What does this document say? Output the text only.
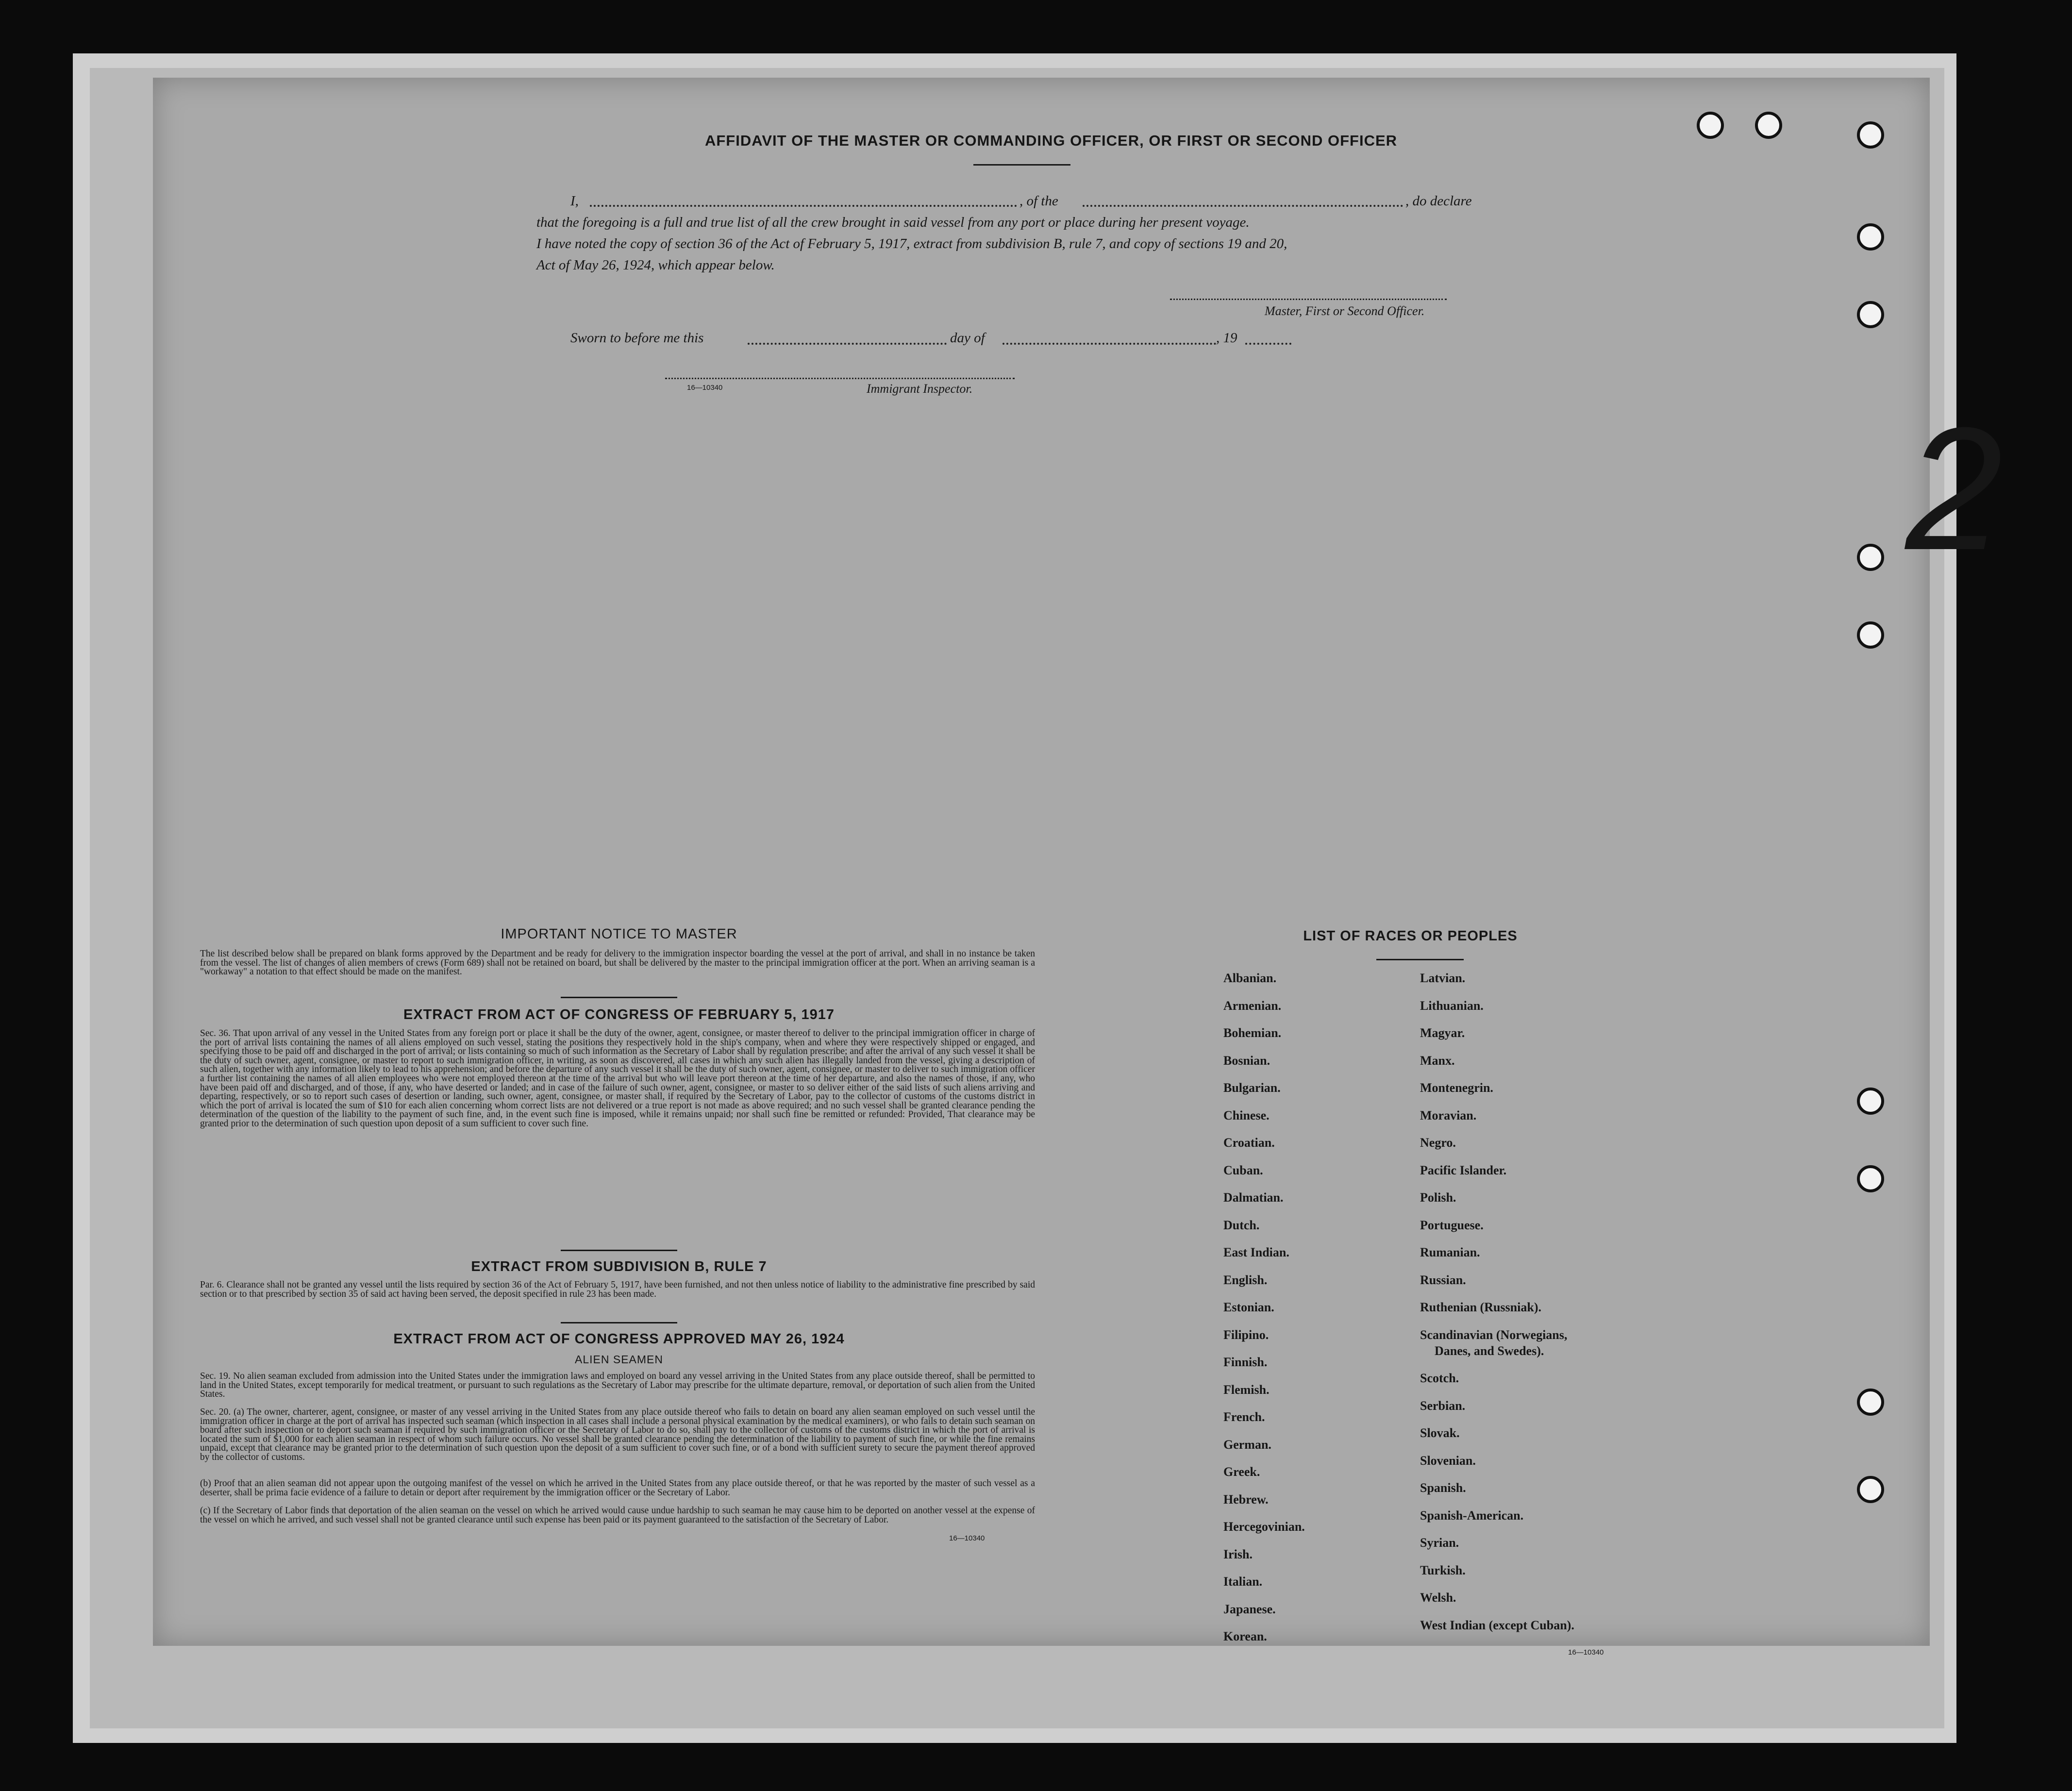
2
AFFIDAVIT OF THE MASTER OR COMMANDING OFFICER, OR FIRST OR SECOND OFFICER
I,	, of the	, do declare
that the foregoing is a full and true list of all the crew brought in said vessel from any port or place during her present voyage.
I have noted the copy of section 36 of the Act of February 5, 1917, extract from subdivision B, rule 7, and copy of sections 19 and 20,
Act of May 26, 1924, which appear below.
Master, First or Second Officer.
Sworn to before me this	day of	, 19
16—10340	Immigrant Inspector.
IMPORTANT NOTICE TO MASTER
The list described below shall be prepared on blank forms approved by the Department and be ready for delivery to the immigration inspector boarding the vessel at the port of arrival, and shall in no instance be taken from the vessel. The list of changes of alien members of crews (Form 689) shall not be retained on board, but shall be delivered by the master to the principal immigration officer at the port. When an arriving seaman is a "workaway" a notation to that effect should be made on the manifest.
EXTRACT FROM ACT OF CONGRESS OF FEBRUARY 5, 1917
Sec. 36. That upon arrival of any vessel in the United States from any foreign port or place it shall be the duty of the owner, agent, consignee, or master thereof to deliver to the principal immigration officer in charge of the port of arrival lists containing the names of all aliens employed on such vessel, stating the positions they respectively hold in the ship's company, when and where they were respectively shipped or engaged, and specifying those to be paid off and discharged in the port of arrival; or lists containing so much of such information as the Secretary of Labor shall by regulation prescribe; and after the arrival of any such vessel it shall be the duty of such owner, agent, consignee, or master to report to such immigration officer, in writing, as soon as discovered, all cases in which any such alien has illegally landed from the vessel, giving a description of such alien, together with any information likely to lead to his apprehension; and before the departure of any such vessel it shall be the duty of such owner, agent, consignee, or master to deliver to such immigration officer a further list containing the names of all alien employees who were not employed thereon at the time of the arrival but who will leave port thereon at the time of her departure, and also the names of those, if any, who have been paid off and discharged, and of those, if any, who have deserted or landed; and in case of the failure of such owner, agent, consignee, or master to so deliver either of the said lists of such aliens arriving and departing, respectively, or so to report such cases of desertion or landing, such owner, agent, consignee, or master shall, if required by the Secretary of Labor, pay to the collector of customs of the customs district in which the port of arrival is located the sum of $10 for each alien concerning whom correct lists are not delivered or a true report is not made as above required; and no such vessel shall be granted clearance pending the determination of the question of the liability to the payment of such fine, and, in the event such fine is imposed, while it remains unpaid; nor shall such fine be remitted or refunded: Provided, That clearance may be granted prior to the determination of such question upon deposit of a sum sufficient to cover such fine.
EXTRACT FROM SUBDIVISION B, RULE 7
Par. 6. Clearance shall not be granted any vessel until the lists required by section 36 of the Act of February 5, 1917, have been furnished, and not then unless notice of liability to the administrative fine prescribed by said section or to that prescribed by section 35 of said act having been served, the deposit specified in rule 23 has been made.
EXTRACT FROM ACT OF CONGRESS APPROVED MAY 26, 1924
ALIEN SEAMEN
Sec. 19. No alien seaman excluded from admission into the United States under the immigration laws and employed on board any vessel arriving in the United States from any place outside thereof, shall be permitted to land in the United States, except temporarily for medical treatment, or pursuant to such regulations as the Secretary of Labor may prescribe for the ultimate departure, removal, or deportation of such alien from the United States.
Sec. 20. (a) The owner, charterer, agent, consignee, or master of any vessel arriving in the United States from any place outside thereof who fails to detain on board any alien seaman employed on such vessel until the immigration officer in charge at the port of arrival has inspected such seaman (which inspection in all cases shall include a personal physical examination by the medical examiners), or who fails to detain such seaman on board after such inspection or to deport such seaman if required by such immigration officer or the Secretary of Labor to do so, shall pay to the collector of customs of the customs district in which the port of arrival is located the sum of $1,000 for each alien seaman in respect of whom such failure occurs. No vessel shall be granted clearance pending the determination of the liability to payment of such fine, or while the fine remains unpaid, except that clearance may be granted prior to the determination of such question upon the deposit of a sum sufficient to cover such fine, or of a bond with sufficient surety to secure the payment thereof approved by the collector of customs.
(b) Proof that an alien seaman did not appear upon the outgoing manifest of the vessel on which he arrived in the United States from any place outside thereof, or that he was reported by the master of such vessel as a deserter, shall be prima facie evidence of a failure to detain or deport after requirement by the immigration officer or the Secretary of Labor.
(c) If the Secretary of Labor finds that deportation of the alien seaman on the vessel on which he arrived would cause undue hardship to such seaman he may cause him to be deported on another vessel at the expense of the vessel on which he arrived, and such vessel shall not be granted clearance until such expense has been paid or its payment guaranteed to the satisfaction of the Secretary of Labor.
16—10340
LIST OF RACES OR PEOPLES
Albanian.
Armenian.
Bohemian.
Bosnian.
Bulgarian.
Chinese.
Croatian.
Cuban.
Dalmatian.
Dutch.
East Indian.
English.
Estonian.
Filipino.
Finnish.
Flemish.
French.
German.
Greek.
Hebrew.
Hercegovinian.
Irish.
Italian.
Japanese.
Korean.
Latvian.
Lithuanian.
Magyar.
Manx.
Montenegrin.
Moravian.
Negro.
Pacific Islander.
Polish.
Portuguese.
Rumanian.
Russian.
Ruthenian (Russniak).
Scandinavian (Norwegians,
Danes, and Swedes).
Scotch.
Serbian.
Slovak.
Slovenian.
Spanish.
Spanish-American.
Syrian.
Turkish.
Welsh.
West Indian (except Cuban).
16—10340
